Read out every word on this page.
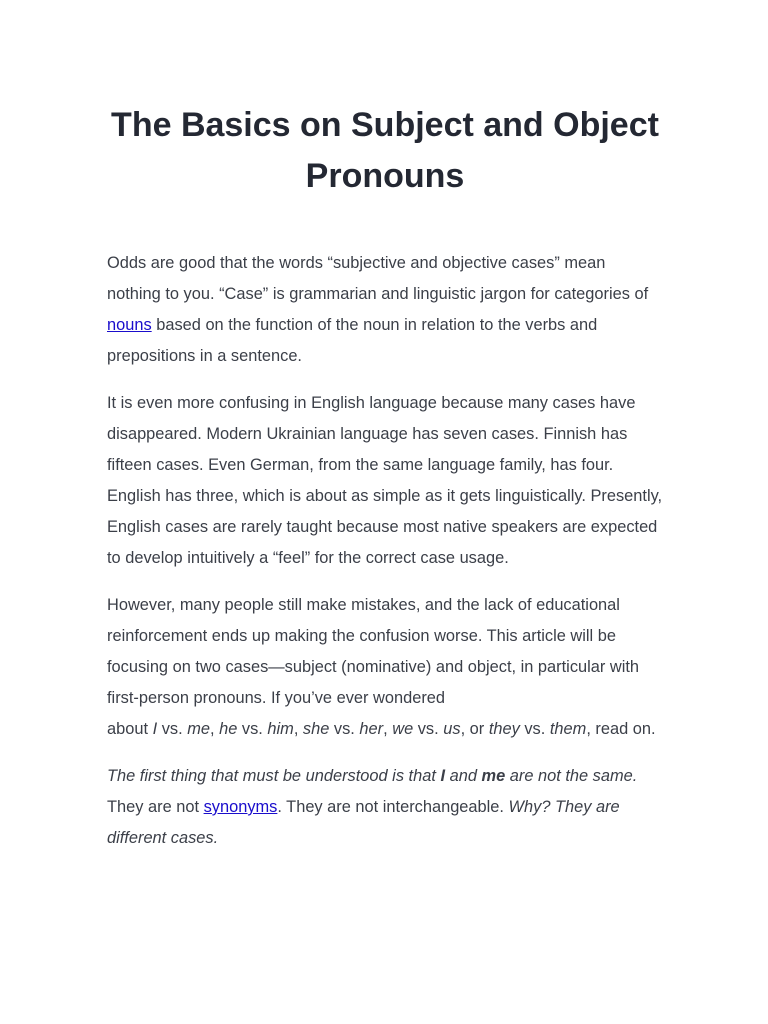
The Basics on Subject and Object Pronouns

Odds are good that the words “subjective and objective cases” mean nothing to you. “Case” is grammarian and linguistic jargon for categories of nouns based on the function of the noun in relation to the verbs and prepositions in a sentence.

It is even more confusing in English language because many cases have disappeared. Modern Ukrainian language has seven cases. Finnish has fifteen cases. Even German, from the same language family, has four. English has three, which is about as simple as it gets linguistically. Presently, English cases are rarely taught because most native speakers are expected to develop intuitively a “feel” for the correct case usage.

However, many people still make mistakes, and the lack of educational reinforcement ends up making the confusion worse. This article will be focusing on two cases—subject (nominative) and object, in particular with first-person pronouns. If you’ve ever wondered
about I vs. me, he vs. him, she vs. her, we vs. us, or they vs. them, read on.

The first thing that must be understood is that I and me are not the same. They are not synonyms. They are not interchangeable. Why? They are different cases.
